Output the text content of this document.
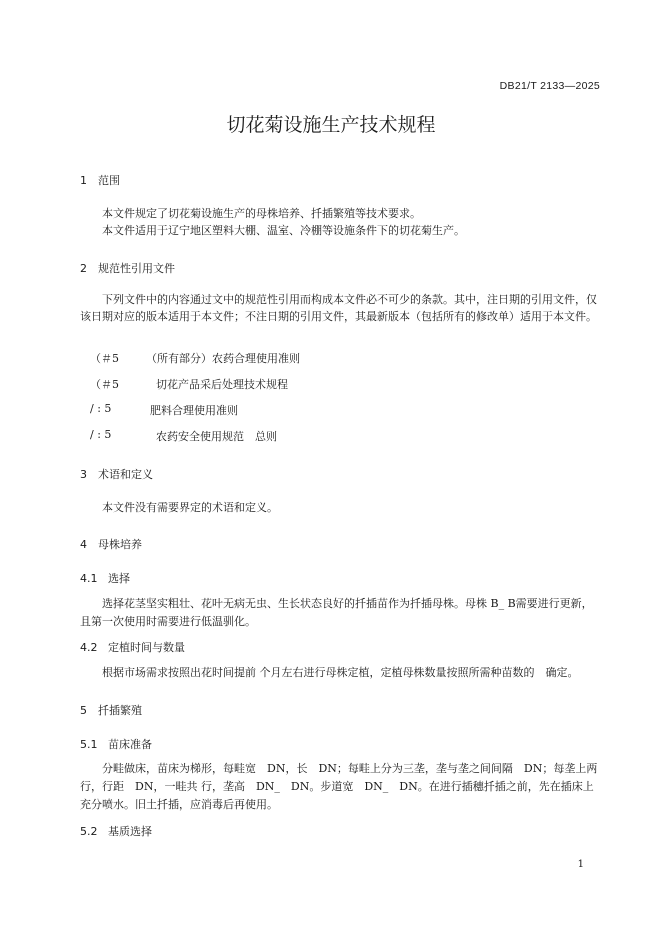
DB21/T 2133—2025
切花菊设施生产技术规程
1 范围
本文件规定了切花菊设施生产的母株培养、扦插繁殖等技术要求。
本文件适用于辽宁地区塑料大棚、温室、冷棚等设施条件下的切花菊生产。
2 规范性引用文件
下列文件中的内容通过文中的规范性引用而构成本文件必不可少的条款。其中，注日期的引用文件，仅该日期对应的版本适用于本文件；不注日期的引用文件，其最新版本（包括所有的修改单）适用于本文件。
（＃5 （所有部分）农药合理使用准则
（＃5	切花产品采后处理技术规程
/ : 5	肥料合理使用准则
/ : 5	农药安全使用规范　总则
3 术语和定义
本文件没有需要界定的术语和定义。
4 母株培养
4.1 选择
选择花茎坚实粗壮、花叶无病无虫、生长状态良好的扦插苗作为扦插母株。母株 B_ B需要进行更新，且第一次使用时需要进行低温驯化。
4.2 定植时间与数量
根据市场需求按照出花时间提前 个月左右进行母株定植，定植母株数量按照所需种苗数的　确定。
5 扦插繁殖
5.1 苗床准备
分畦做床，苗床为梯形，每畦宽　DN，长　DN；每畦上分为三垄，垄与垄之间间隔　DN；每垄上两行，行距　DN，一畦共 行，垄高　DN_　DN。步道宽　DN_　DN。在进行插穗扦插之前，先在插床上充分喷水。旧土扦插，应消毒后再使用。
5.2 基质选择
1
